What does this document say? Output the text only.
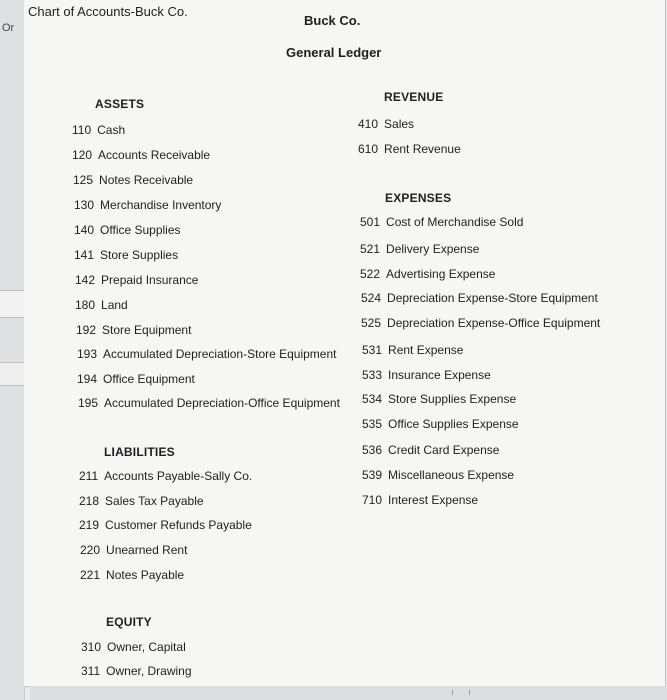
Or
Chart of Accounts-Buck Co.
Buck Co.
General Ledger
ASSETS
110 Cash
120 Accounts Receivable
125 Notes Receivable
130 Merchandise Inventory
140 Office Supplies
141 Store Supplies
142 Prepaid Insurance
180 Land
192 Store Equipment
193 Accumulated Depreciation-Store Equipment
194 Office Equipment
195 Accumulated Depreciation-Office Equipment
LIABILITIES
211 Accounts Payable-Sally Co.
218 Sales Tax Payable
219 Customer Refunds Payable
220 Unearned Rent
221 Notes Payable
EQUITY
310 Owner, Capital
311 Owner, Drawing
REVENUE
410 Sales
610 Rent Revenue
EXPENSES
501 Cost of Merchandise Sold
521 Delivery Expense
522 Advertising Expense
524 Depreciation Expense-Store Equipment
525 Depreciation Expense-Office Equipment
531 Rent Expense
533 Insurance Expense
534 Store Supplies Expense
535 Office Supplies Expense
536 Credit Card Expense
539 Miscellaneous Expense
710 Interest Expense
